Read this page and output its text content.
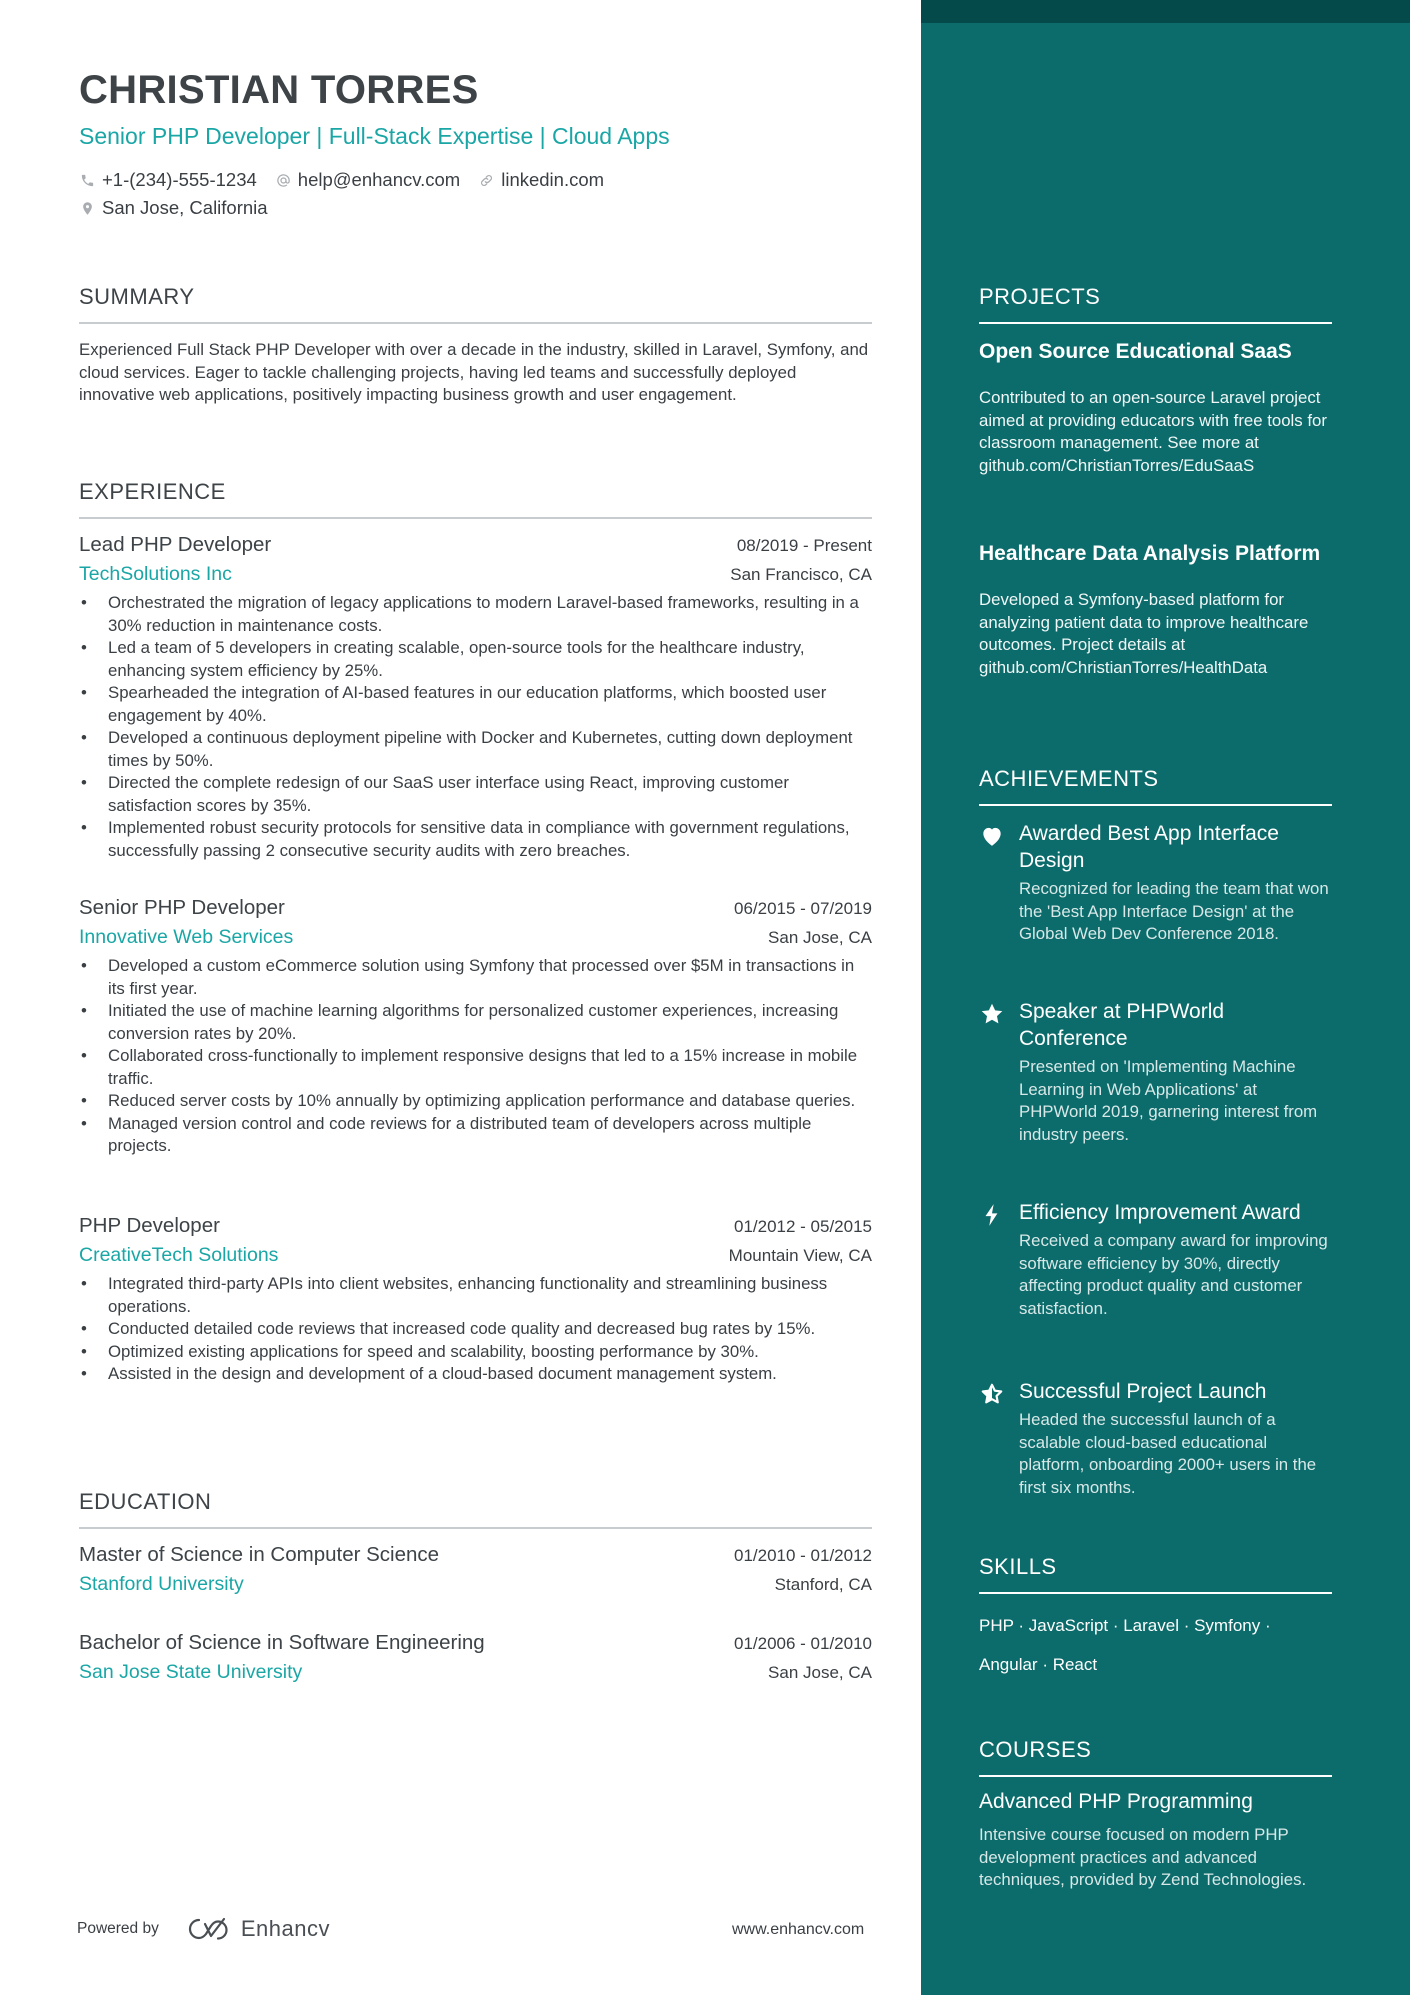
CHRISTIAN TORRES
Senior PHP Developer | Full-Stack Expertise | Cloud Apps
+1-(234)-555-1234 help@enhancv.com linkedin.com
San Jose, California
SUMMARY
Experienced Full Stack PHP Developer with over a decade in the industry, skilled in Laravel, Symfony, and cloud services. Eager to tackle challenging projects, having led teams and successfully deployed innovative web applications, positively impacting business growth and user engagement.
EXPERIENCE
Lead PHP Developer	08/2019 - Present
TechSolutions Inc	San Francisco, CA
• Orchestrated the migration of legacy applications to modern Laravel-based frameworks, resulting in a 30% reduction in maintenance costs.
• Led a team of 5 developers in creating scalable, open-source tools for the healthcare industry, enhancing system efficiency by 25%.
• Spearheaded the integration of AI-based features in our education platforms, which boosted user engagement by 40%.
• Developed a continuous deployment pipeline with Docker and Kubernetes, cutting down deployment times by 50%.
• Directed the complete redesign of our SaaS user interface using React, improving customer satisfaction scores by 35%.
• Implemented robust security protocols for sensitive data in compliance with government regulations, successfully passing 2 consecutive security audits with zero breaches.
Senior PHP Developer	06/2015 - 07/2019
Innovative Web Services	San Jose, CA
• Developed a custom eCommerce solution using Symfony that processed over $5M in transactions in its first year.
• Initiated the use of machine learning algorithms for personalized customer experiences, increasing conversion rates by 20%.
• Collaborated cross-functionally to implement responsive designs that led to a 15% increase in mobile traffic.
• Reduced server costs by 10% annually by optimizing application performance and database queries.
• Managed version control and code reviews for a distributed team of developers across multiple projects.
PHP Developer	01/2012 - 05/2015
CreativeTech Solutions	Mountain View, CA
• Integrated third-party APIs into client websites, enhancing functionality and streamlining business operations.
• Conducted detailed code reviews that increased code quality and decreased bug rates by 15%.
• Optimized existing applications for speed and scalability, boosting performance by 30%.
• Assisted in the design and development of a cloud-based document management system.
EDUCATION
Master of Science in Computer Science	01/2010 - 01/2012
Stanford University	Stanford, CA
Bachelor of Science in Software Engineering	01/2006 - 01/2010
San Jose State University	San Jose, CA
Powered by	Enhancv	www.enhancv.com
PROJECTS
Open Source Educational SaaS
Contributed to an open-source Laravel project aimed at providing educators with free tools for classroom management. See more at github.com/ChristianTorres/EduSaaS
Healthcare Data Analysis Platform
Developed a Symfony-based platform for analyzing patient data to improve healthcare outcomes. Project details at github.com/ChristianTorres/HealthData
ACHIEVEMENTS
Awarded Best App Interface Design
Recognized for leading the team that won the 'Best App Interface Design' at the Global Web Dev Conference 2018.
Speaker at PHPWorld Conference
Presented on 'Implementing Machine Learning in Web Applications' at PHPWorld 2019, garnering interest from industry peers.
Efficiency Improvement Award
Received a company award for improving software efficiency by 30%, directly affecting product quality and customer satisfaction.
Successful Project Launch
Headed the successful launch of a scalable cloud-based educational platform, onboarding 2000+ users in the first six months.
SKILLS
PHP · JavaScript · Laravel · Symfony ·
Angular · React
COURSES
Advanced PHP Programming
Intensive course focused on modern PHP development practices and advanced techniques, provided by Zend Technologies.
